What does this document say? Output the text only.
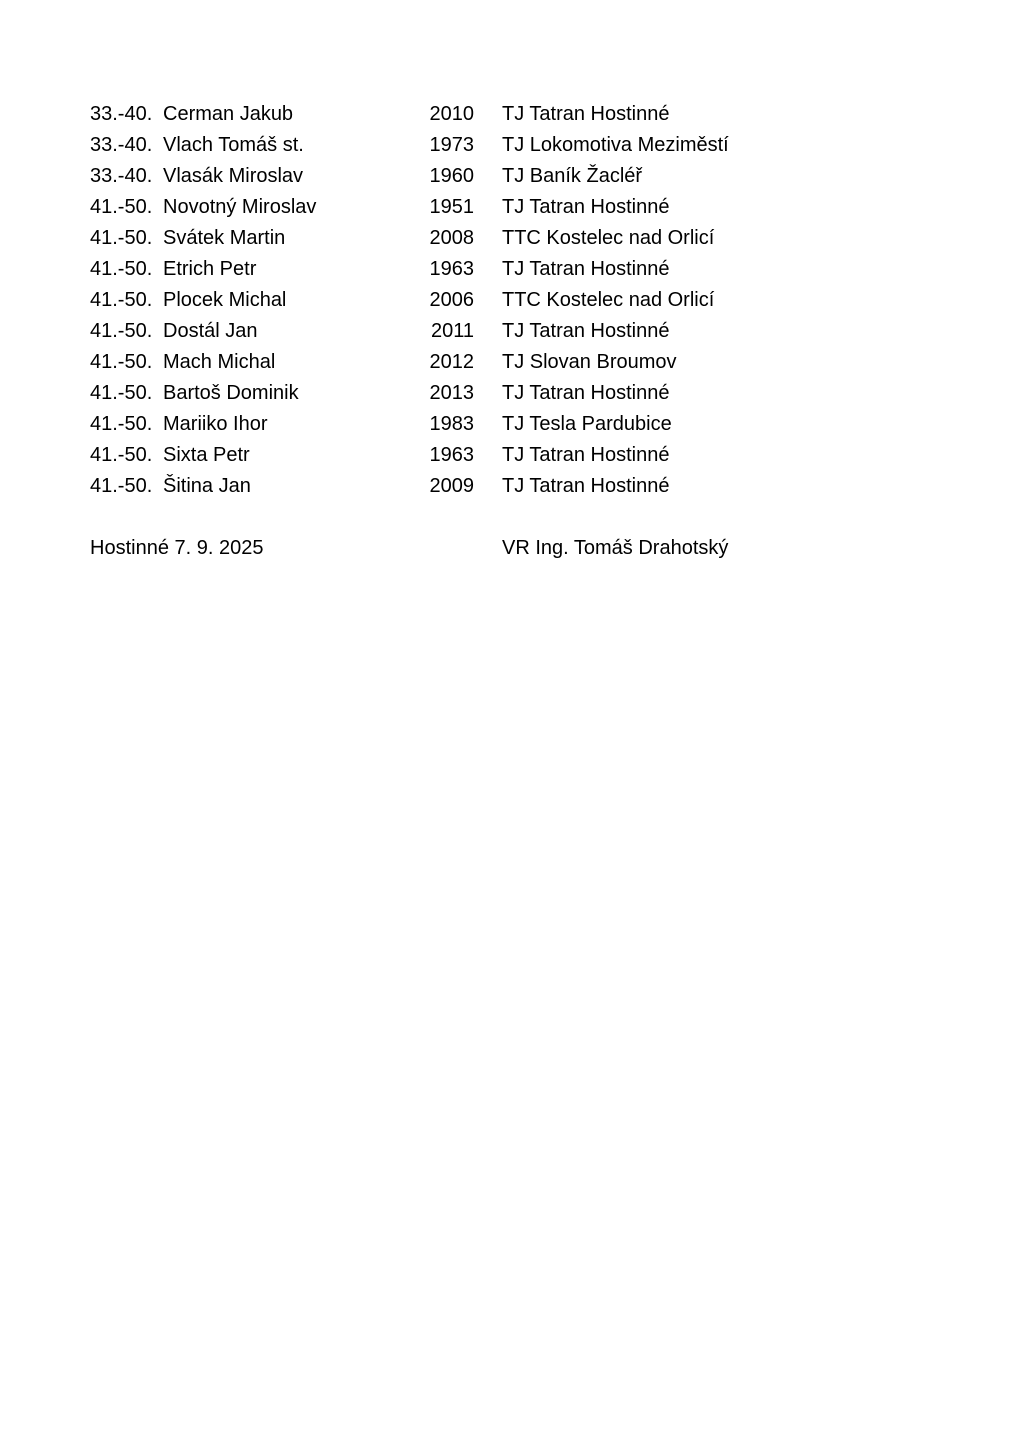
33.-40. Cerman Jakub	2010 TJ Tatran Hostinné
33.-40. Vlach Tomáš st.	1973 TJ Lokomotiva Meziměstí
33.-40. Vlasák Miroslav	1960 TJ Baník Žacléř
41.-50. Novotný Miroslav	1951 TJ Tatran Hostinné
41.-50. Svátek Martin	2008 TTC Kostelec nad Orlicí
41.-50. Etrich Petr	1963 TJ Tatran Hostinné
41.-50. Plocek Michal	2006 TTC Kostelec nad Orlicí
41.-50. Dostál Jan	2011 TJ Tatran Hostinné
41.-50. Mach Michal	2012 TJ Slovan Broumov
41.-50. Bartoš Dominik	2013 TJ Tatran Hostinné
41.-50. Mariiko Ihor	1983 TJ Tesla Pardubice
41.-50. Sixta Petr	1963 TJ Tatran Hostinné
41.-50. Šitina Jan	2009 TJ Tatran Hostinné
Hostinné 7. 9. 2025	VR Ing. Tomáš Drahotský
